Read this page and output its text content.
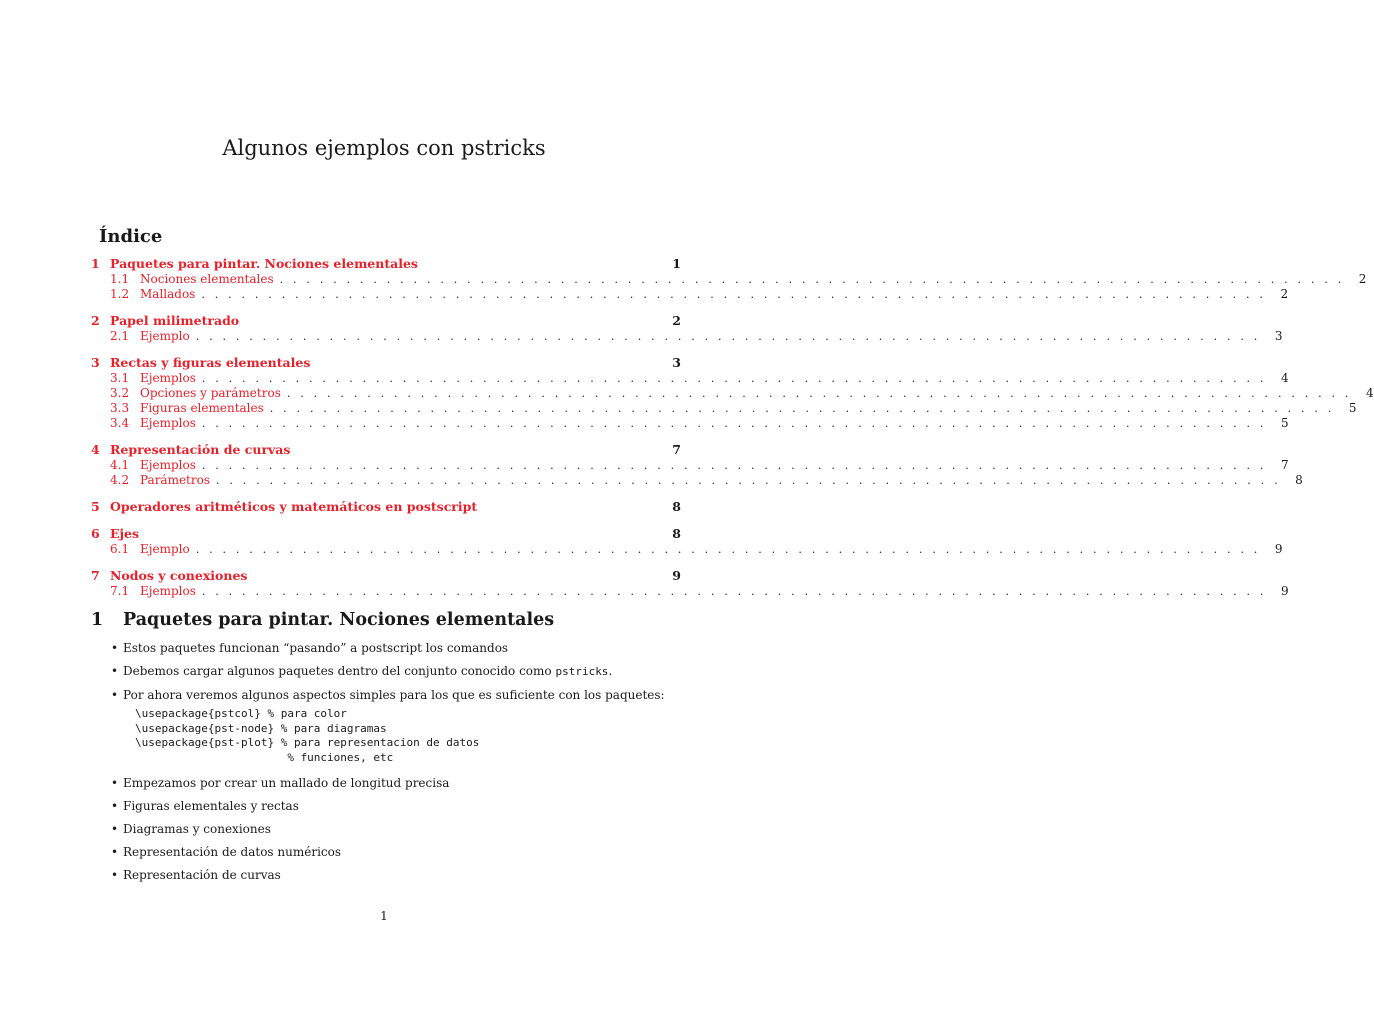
Algunos ejemplos con pstricks
Índice
1 Paquetes para pintar. Nociones elementales	1
1.1 Nociones elementales . . . . . . . . . . . . . . . . . . . . . . . . . . . . . . . . . . . . . . . . . . . . . . . . . . . . . . . . . . . . . . . . . . . . . . . . . . . . . . . .	2
1.2 Mallados . . . . . . . . . . . . . . . . . . . . . . . . . . . . . . . . . . . . . . . . . . . . . . . . . . . . . . . . . . . . . . . . . . . . . . . . . . . . . . . .	2
2 Papel milimetrado	2
2.1 Ejemplo . . . . . . . . . . . . . . . . . . . . . . . . . . . . . . . . . . . . . . . . . . . . . . . . . . . . . . . . . . . . . . . . . . . . . . . . . . . . . . . .	3
3 Rectas y figuras elementales	3
3.1 Ejemplos . . . . . . . . . . . . . . . . . . . . . . . . . . . . . . . . . . . . . . . . . . . . . . . . . . . . . . . . . . . . . . . . . . . . . . . . . . . . . . . .	4
3.2 Opciones y parámetros . . . . . . . . . . . . . . . . . . . . . . . . . . . . . . . . . . . . . . . . . . . . . . . . . . . . . . . . . . . . . . . . . . . . . . . . . . . . . . . .	4
3.3 Figuras elementales . . . . . . . . . . . . . . . . . . . . . . . . . . . . . . . . . . . . . . . . . . . . . . . . . . . . . . . . . . . . . . . . . . . . . . . . . . . . . . . .	5
3.4 Ejemplos . . . . . . . . . . . . . . . . . . . . . . . . . . . . . . . . . . . . . . . . . . . . . . . . . . . . . . . . . . . . . . . . . . . . . . . . . . . . . . . .	5
4 Representación de curvas	7
4.1 Ejemplos . . . . . . . . . . . . . . . . . . . . . . . . . . . . . . . . . . . . . . . . . . . . . . . . . . . . . . . . . . . . . . . . . . . . . . . . . . . . . . . .	7
4.2 Parámetros . . . . . . . . . . . . . . . . . . . . . . . . . . . . . . . . . . . . . . . . . . . . . . . . . . . . . . . . . . . . . . . . . . . . . . . . . . . . . . . .	8
5 Operadores aritméticos y matemáticos en postscript	8
6 Ejes	8
6.1 Ejemplo . . . . . . . . . . . . . . . . . . . . . . . . . . . . . . . . . . . . . . . . . . . . . . . . . . . . . . . . . . . . . . . . . . . . . . . . . . . . . . . .	9
7 Nodos y conexiones	9
7.1 Ejemplos . . . . . . . . . . . . . . . . . . . . . . . . . . . . . . . . . . . . . . . . . . . . . . . . . . . . . . . . . . . . . . . . . . . . . . . . . . . . . . . .	9
1 Paquetes para pintar. Nociones elementales
• Estos paquetes funcionan “pasando” a postscript los comandos
• Debemos cargar algunos paquetes dentro del conjunto conocido como pstricks.
• Por ahora veremos algunos aspectos simples para los que es suficiente con los paquetes:
\usepackage{pstcol} % para color
\usepackage{pst-node} % para diagramas
\usepackage{pst-plot} % para representacion de datos
% funciones, etc
• Empezamos por crear un mallado de longitud precisa
• Figuras elementales y rectas
• Diagramas y conexiones
• Representación de datos numéricos
• Representación de curvas
1
